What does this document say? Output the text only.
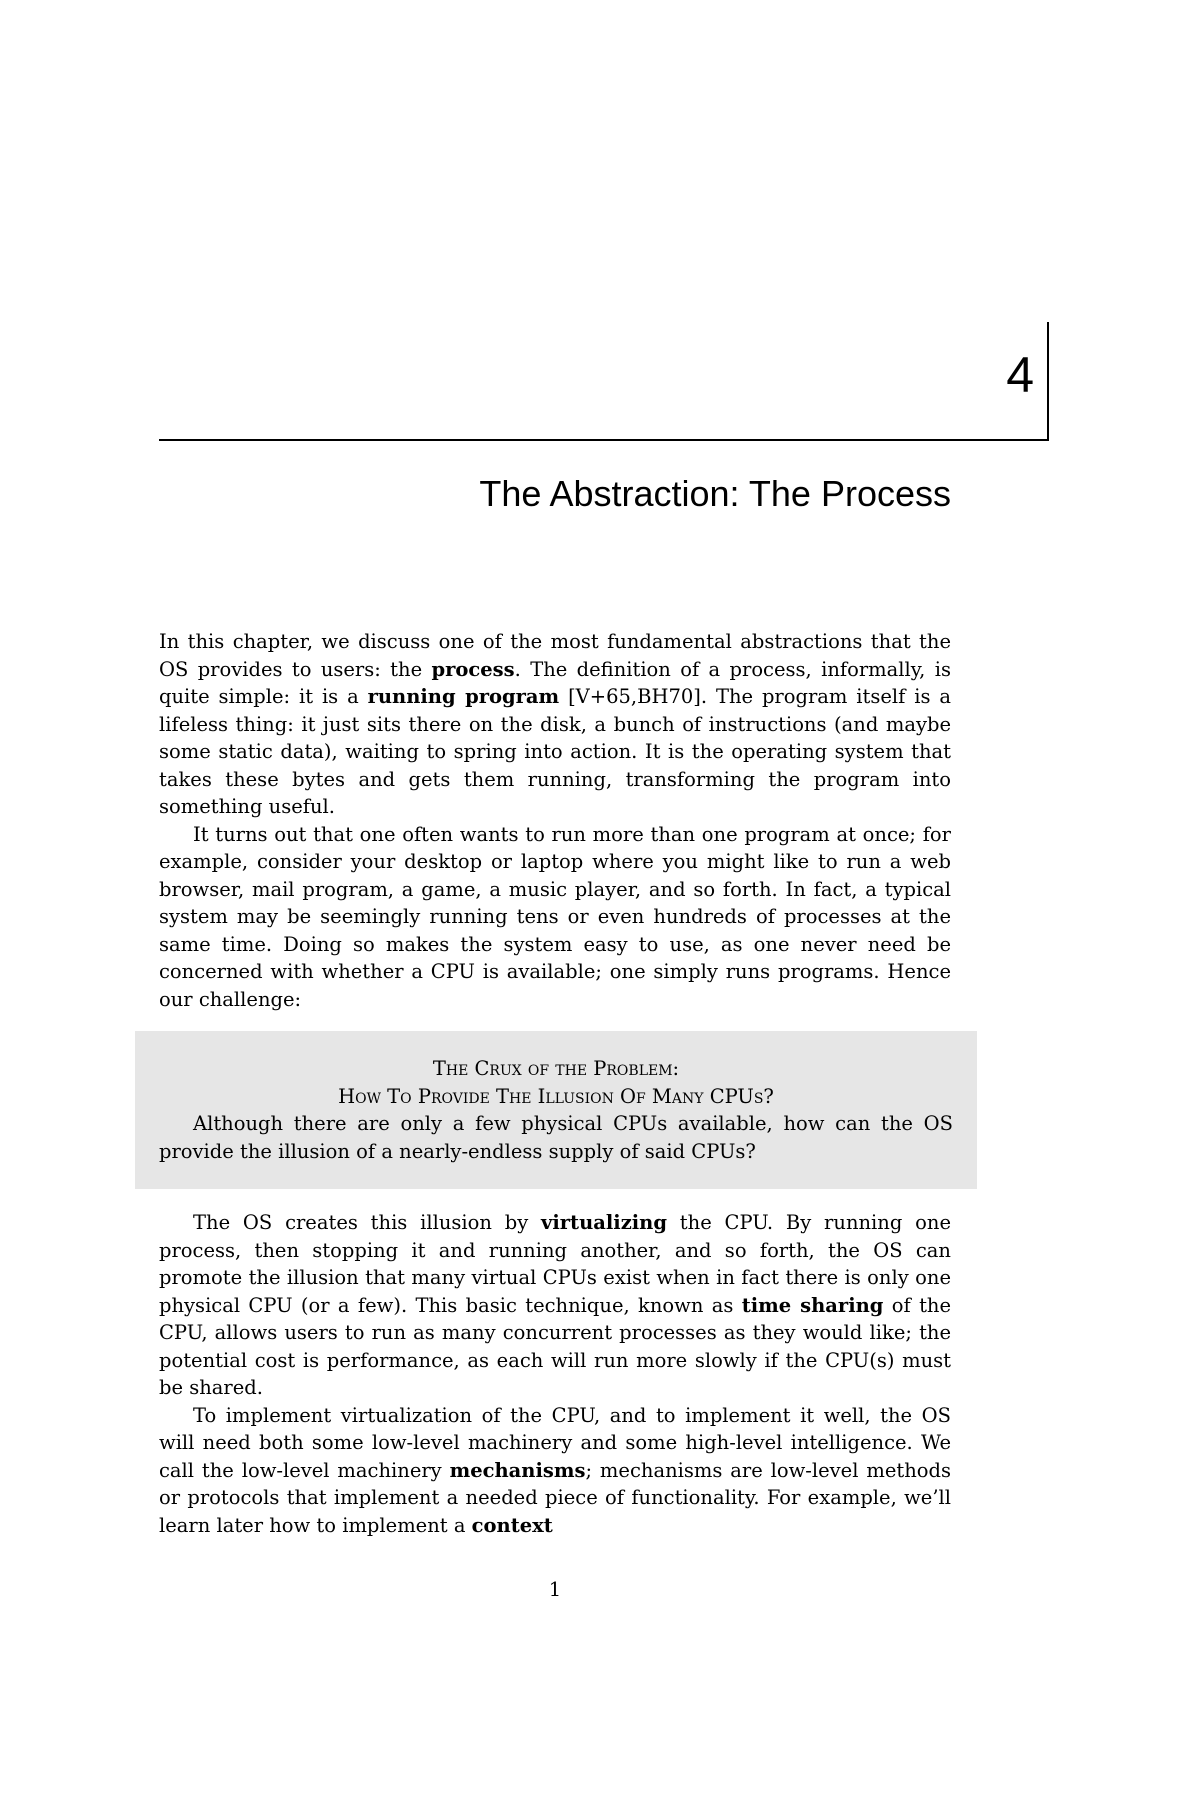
4
The Abstraction: The Process

In this chapter, we discuss one of the most fundamental abstractions that the OS provides to users: the process. The definition of a process, informally, is quite simple: it is a running program [V+65,BH70]. The program itself is a lifeless thing: it just sits there on the disk, a bunch of instructions (and maybe some static data), waiting to spring into action. It is the operating system that takes these bytes and gets them running, transforming the program into something useful.

It turns out that one often wants to run more than one program at once; for example, consider your desktop or laptop where you might like to run a web browser, mail program, a game, a music player, and so forth. In fact, a typical system may be seemingly running tens or even hundreds of processes at the same time. Doing so makes the system easy to use, as one never need be concerned with whether a CPU is available; one simply runs programs. Hence our challenge:

The Crux of the Problem:
How To Provide The Illusion Of Many CPUs?

Although there are only a few physical CPUs available, how can the OS provide the illusion of a nearly-endless supply of said CPUs?

The OS creates this illusion by virtualizing the CPU. By running one process, then stopping it and running another, and so forth, the OS can promote the illusion that many virtual CPUs exist when in fact there is only one physical CPU (or a few). This basic technique, known as time sharing of the CPU, allows users to run as many concurrent processes as they would like; the potential cost is performance, as each will run more slowly if the CPU(s) must be shared.

To implement virtualization of the CPU, and to implement it well, the OS will need both some low-level machinery and some high-level intelligence. We call the low-level machinery mechanisms; mechanisms are low-level methods or protocols that implement a needed piece of functionality. For example, we’ll learn later how to implement a context

1
